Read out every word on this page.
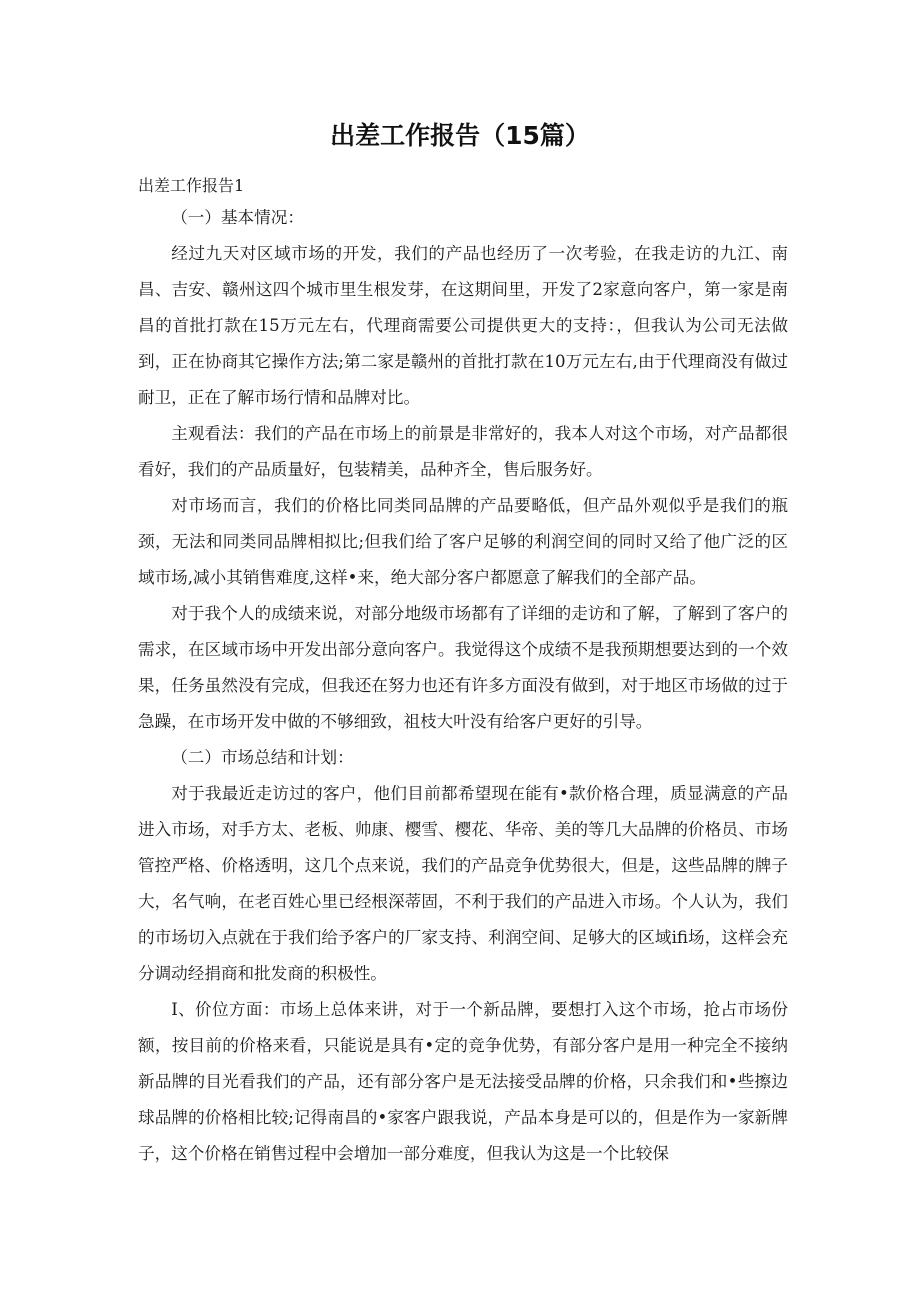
出差工作报告（15篇）
出差工作报告1

（一）基本情况：

经过九天对区域市场的开发，我们的产品也经历了一次考验，在我走访的九江、南昌、吉安、赣州这四个城市里生根发芽，在这期间里，开发了2家意向客户，第一家是南昌的首批打款在15万元左右，代理商需要公司提供更大的支持：，但我认为公司无法做到，正在协商其它操作方法;第二家是赣州的首批打款在10万元左右,由于代理商没有做过耐卫，正在了解市场行情和品牌对比。

主观看法：我们的产品在市场上的前景是非常好的，我本人对这个市场，对产品都很看好，我们的产品质量好，包装精美，品种齐全，售后服务好。

对市场而言，我们的价格比同类同品牌的产品要略低，但产品外观似乎是我们的瓶颈，无法和同类同品牌相拟比;但我们给了客户足够的利润空间的同时又给了他广泛的区域市场,减小其销售难度,这样•来，绝大部分客户都愿意了解我们的全部产品。

对于我个人的成绩来说，对部分地级市场都有了详细的走访和了解，了解到了客户的需求，在区域市场中开发出部分意向客户。我觉得这个成绩不是我预期想要达到的一个效果，任务虽然没有完成，但我还在努力也还有许多方面没有做到，对于地区市场做的过于急躁，在市场开发中做的不够细致，祖枝大叶没有给客户更好的引导。

（二）市场总结和计划：

对于我最近走访过的客户，他们目前都希望现在能有•款价格合理，质显满意的产品进入市场，对手方太、老板、帅康、樱雪、樱花、华帝、美的等几大品牌的价格员、市场管控严格、价格透明，这几个点来说，我们的产品竞争优势很大，但是，这些品牌的牌子大，名气响，在老百姓心里已经根深蒂固，不利于我们的产品进入市场。个人认为，我们的市场切入点就在于我们给予客户的厂家支持、利润空间、足够大的区域ifi场，这样会充分调动经捐商和批发商的积极性。

I、价位方面：市场上总体来讲，对于一个新品牌，要想打入这个市场，抢占市场份额，按目前的价格来看，只能说是具有•定的竞争优势，有部分客户是用一种完全不接纳新品牌的目光看我们的产品，还有部分客户是无法接受品牌的价格，只余我们和•些擦边球品牌的价格相比较;记得南昌的•家客户跟我说，产品本身是可以的，但是作为一家新牌子，这个价格在销售过程中会增加一部分难度，但我认为这是一个比较保
